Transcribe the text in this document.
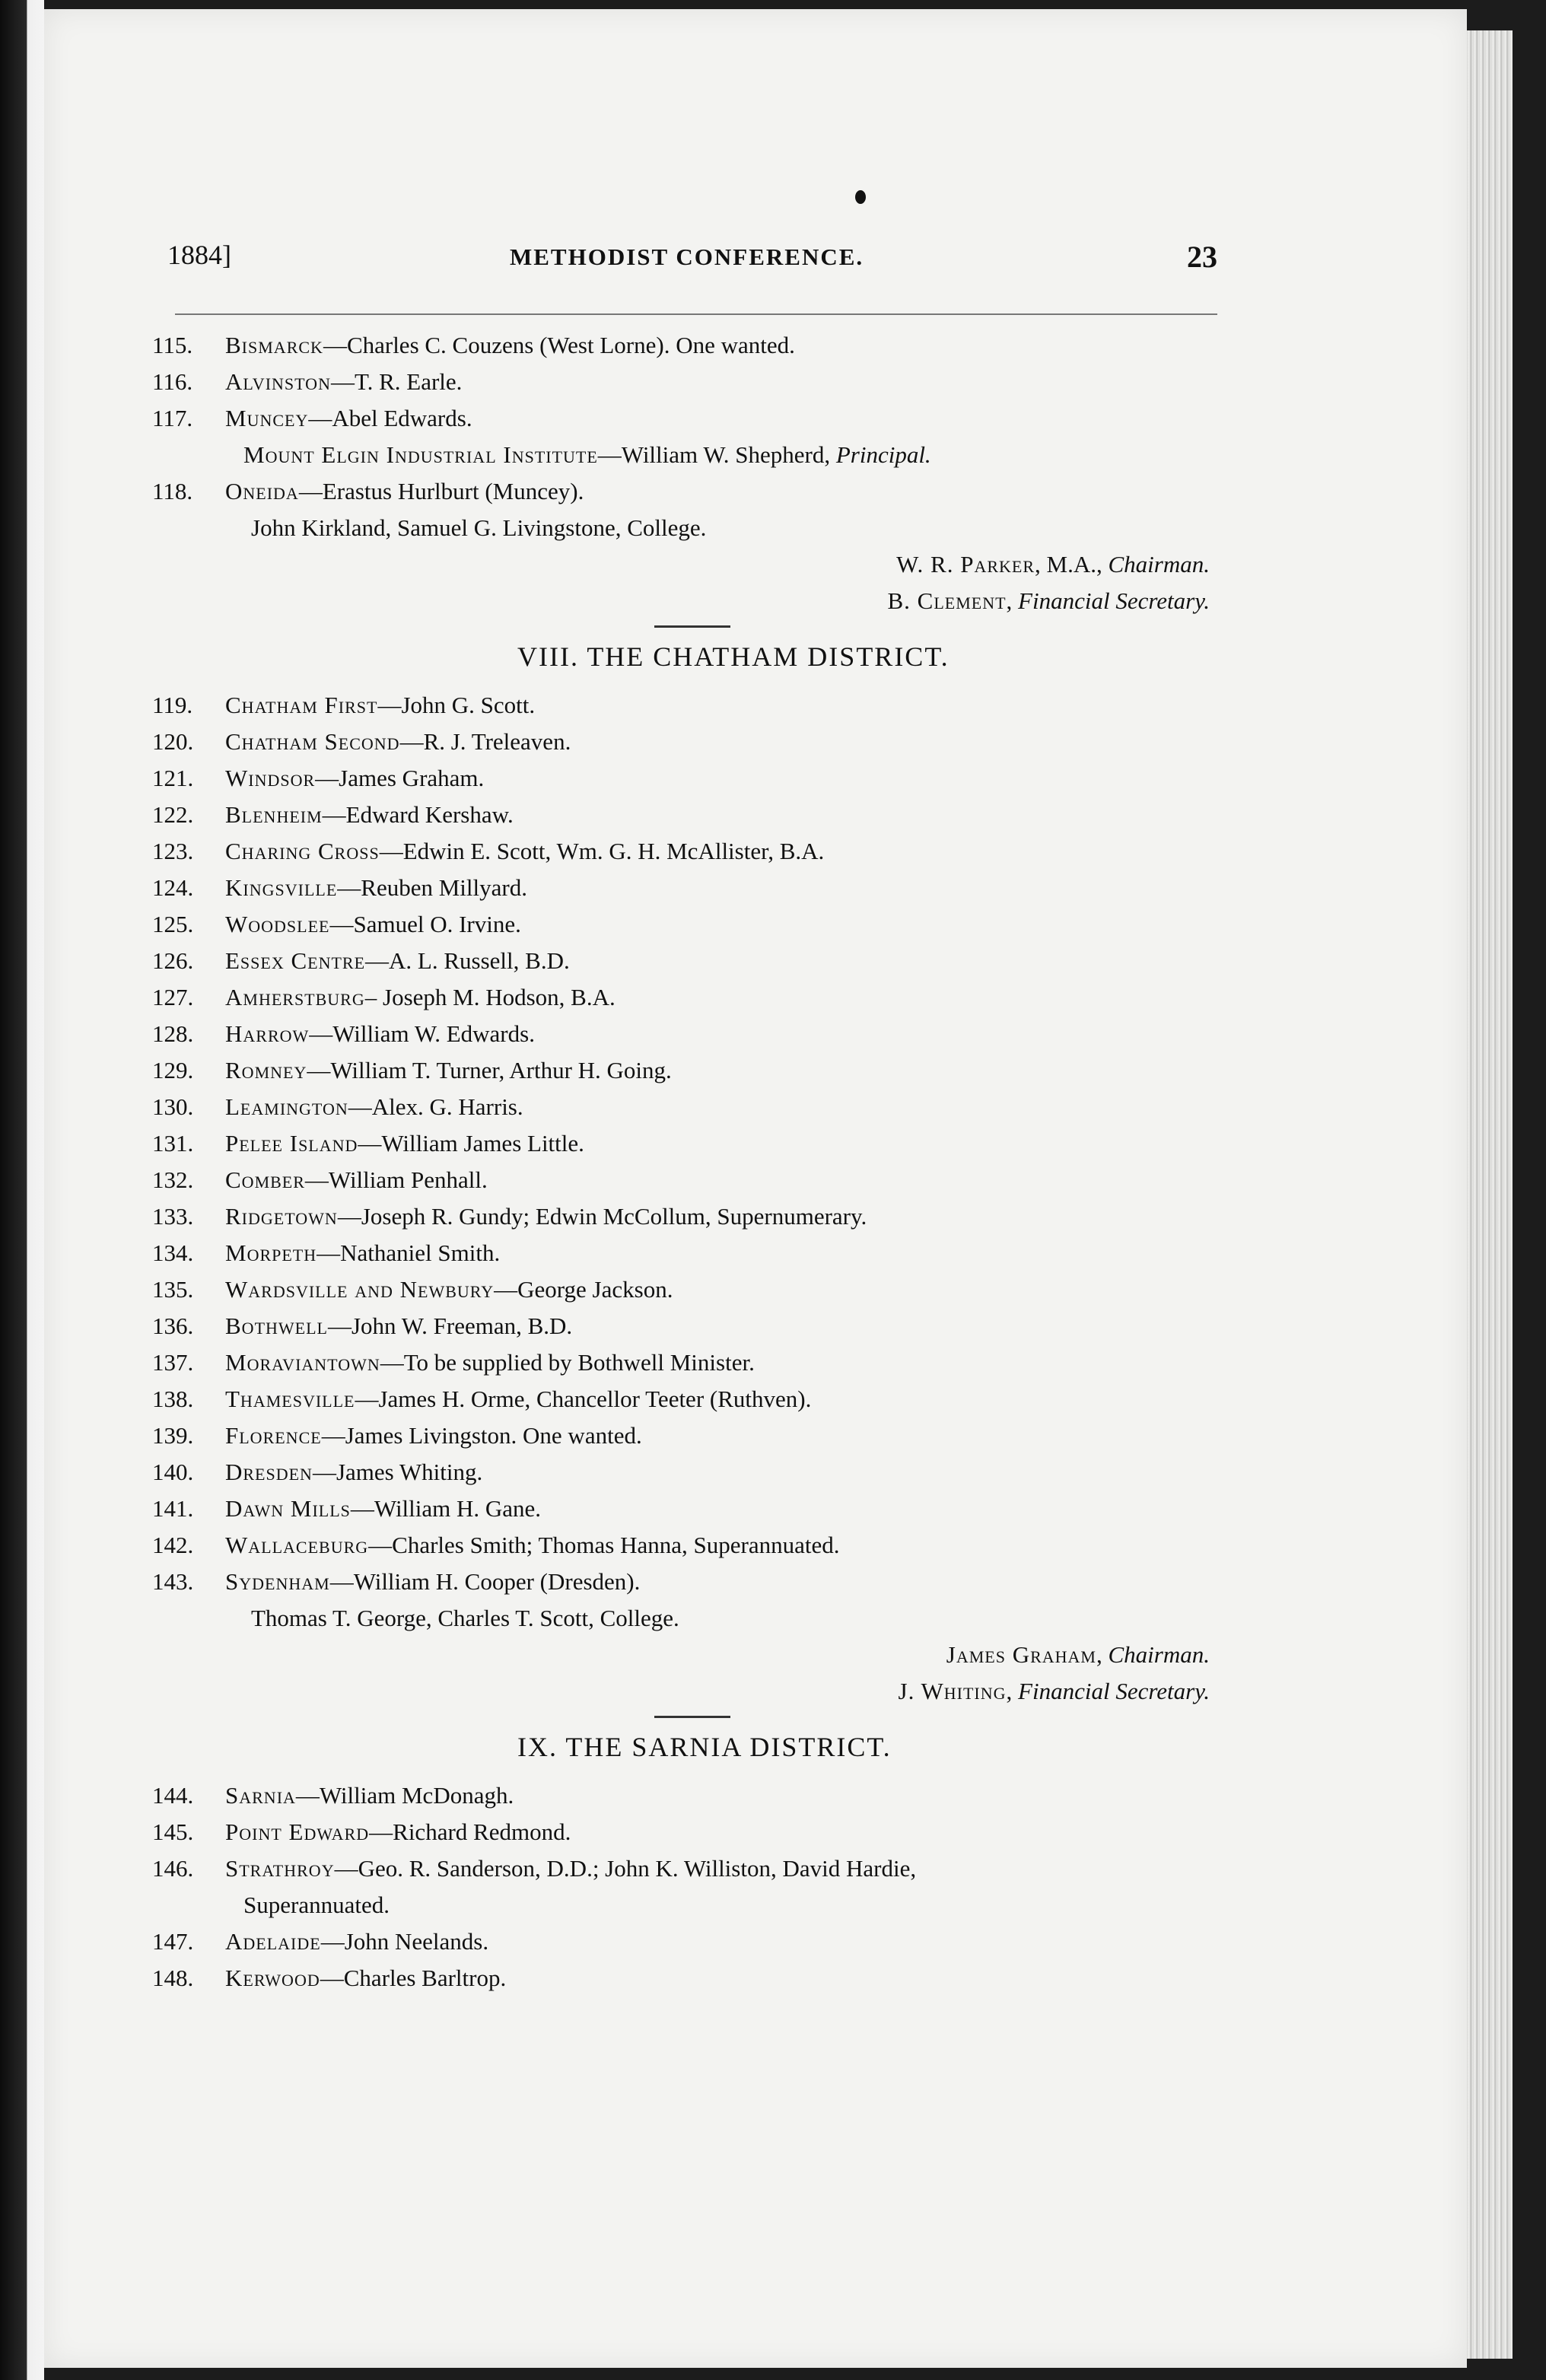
1884]	METHODIST CONFERENCE.	23
115.	Bismarck —Charles C. Couzens (West Lorne). One wanted.
116.	Alvinston —T. R. Earle.
117.	Muncey —Abel Edwards.
Mount Elgin Industrial Institute—William W. Shepherd, Principal.
118.	Oneida —Erastus Hurlburt (Muncey).
John Kirkland, Samuel G. Livingstone, College.
W. R. Parker, M.A., Chairman.
B. Clement, Financial Secretary.
VIII. THE CHATHAM DISTRICT.
119.	Chatham First —John G. Scott.
120.	Chatham Second —R. J. Treleaven.
121.	Windsor —James Graham.
122.	Blenheim —Edward Kershaw.
123.	Charing Cross —Edwin E. Scott, Wm. G. H. McAllister, B.A.
124.	Kingsville —Reuben Millyard.
125.	Woodslee —Samuel O. Irvine.
126.	Essex Centre —A. L. Russell, B.D.
127.	Amherstburg – Joseph M. Hodson, B.A.
128.	Harrow —William W. Edwards.
129.	Romney —William T. Turner, Arthur H. Going.
130.	Leamington —Alex. G. Harris.
131.	Pelee Island —William James Little.
132.	Comber —William Penhall.
133.	Ridgetown —Joseph R. Gundy; Edwin McCollum, Supernumerary.
134.	Morpeth —Nathaniel Smith.
135.	Wardsville and Newbury —George Jackson.
136.	Bothwell —John W. Freeman, B.D.
137.	Moraviantown —To be supplied by Bothwell Minister.
138.	Thamesville —James H. Orme, Chancellor Teeter (Ruthven).
139.	Florence —James Livingston. One wanted.
140.	Dresden —James Whiting.
141.	Dawn Mills —William H. Gane.
142.	Wallaceburg —Charles Smith; Thomas Hanna, Superannuated.
143.	Sydenham —William H. Cooper (Dresden).
Thomas T. George, Charles T. Scott, College.
James Graham, Chairman.
J. Whiting, Financial Secretary.
IX. THE SARNIA DISTRICT.
144.	Sarnia —William McDonagh.
145.	Point Edward —Richard Redmond.
146.	Strathroy —Geo. R. Sanderson, D.D.; John K. Williston, David Hardie,
Superannuated.
147.	Adelaide —John Neelands.
148.	Kerwood —Charles Barltrop.
